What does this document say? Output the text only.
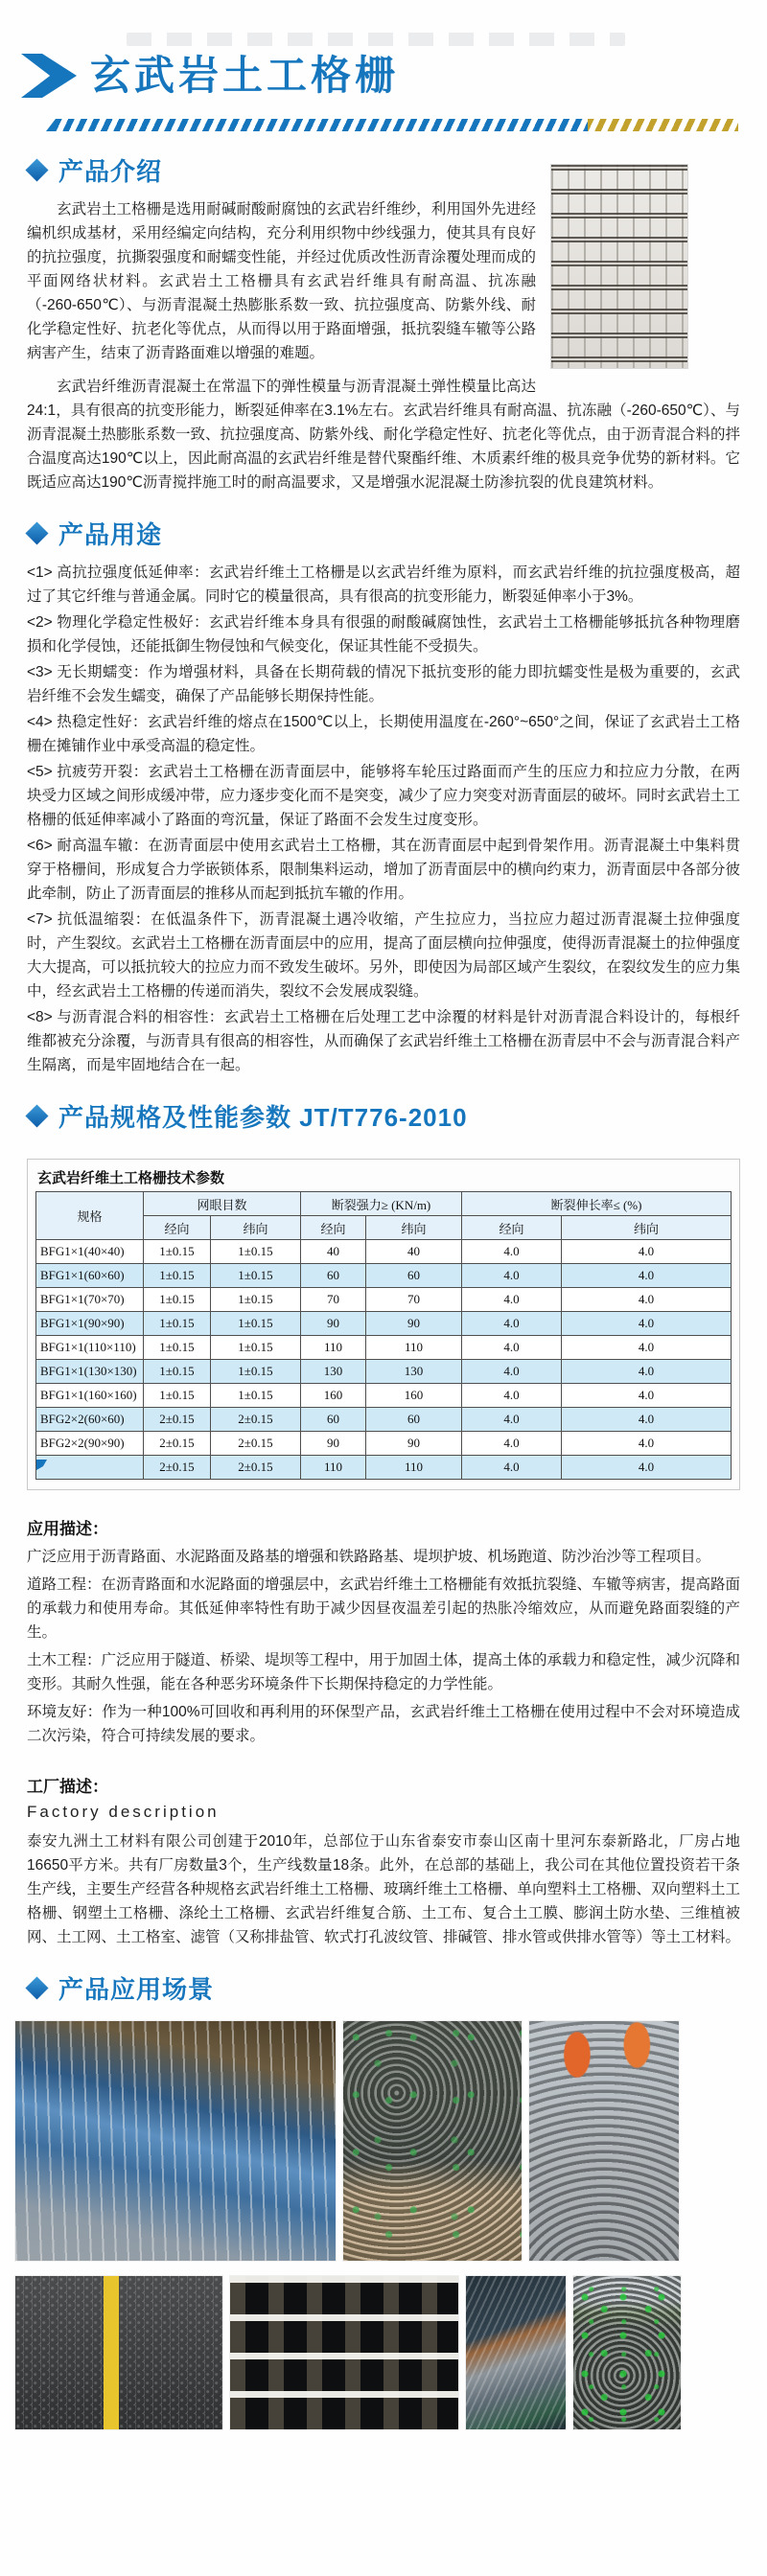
玄武岩土工格栅
产品介绍

玄武岩土工格栅是选用耐碱耐酸耐腐蚀的玄武岩纤维纱，利用国外先进经编机织成基材，采用经编定向结构，充分利用织物中纱线强力，使其具有良好的抗拉强度，抗撕裂强度和耐蠕变性能，并经过优质改性沥青涂覆处理而成的平面网络状材料。玄武岩土工格栅具有玄武岩纤维具有耐高温、抗冻融（-260-650℃）、与沥青混凝土热膨胀系数一致、抗拉强度高、防紫外线、耐化学稳定性好、抗老化等优点，从而得以用于路面增强，抵抗裂缝车辙等公路病害产生，结束了沥青路面难以增强的难题。

玄武岩纤维沥青混凝土在常温下的弹性模量与沥青混凝土弹性模量比高达24:1，具有很高的抗变形能力，断裂延伸率在3.1%左右。玄武岩纤维具有耐高温、抗冻融（-260-650℃）、与沥青混凝土热膨胀系数一致、抗拉强度高、防紫外线、耐化学稳定性好、抗老化等优点，由于沥青混合料的拌合温度高达190℃以上，因此耐高温的玄武岩纤维是替代聚酯纤维、木质素纤维的极具竞争优势的新材料。它既适应高达190℃沥青搅拌施工时的耐高温要求，又是增强水泥混凝土防渗抗裂的优良建筑材料。

产品用途

<1> 高抗拉强度低延伸率：玄武岩纤维土工格栅是以玄武岩纤维为原料，而玄武岩纤维的抗拉强度极高，超过了其它纤维与普通金属。同时它的模量很高，具有很高的抗变形能力，断裂延伸率小于3%。

<2> 物理化学稳定性极好：玄武岩纤维本身具有很强的耐酸碱腐蚀性，玄武岩土工格栅能够抵抗各种物理磨损和化学侵蚀，还能抵御生物侵蚀和气候变化，保证其性能不受损失。

<3> 无长期蠕变：作为增强材料，具备在长期荷载的情况下抵抗变形的能力即抗蠕变性是极为重要的，玄武岩纤维不会发生蠕变，确保了产品能够长期保持性能。

<4> 热稳定性好：玄武岩纤维的熔点在1500℃以上，长期使用温度在-260°~650°之间，保证了玄武岩土工格栅在摊铺作业中承受高温的稳定性。

<5> 抗疲劳开裂：玄武岩土工格栅在沥青面层中，能够将车轮压过路面而产生的压应力和拉应力分散，在两块受力区域之间形成缓冲带，应力逐步变化而不是突变，减少了应力突变对沥青面层的破坏。同时玄武岩土工格栅的低延伸率减小了路面的弯沉量，保证了路面不会发生过度变形。

<6> 耐高温车辙：在沥青面层中使用玄武岩土工格栅，其在沥青面层中起到骨架作用。沥青混凝土中集料贯穿于格栅间，形成复合力学嵌锁体系，限制集料运动，增加了沥青面层中的横向约束力，沥青面层中各部分彼此牵制，防止了沥青面层的推移从而起到抵抗车辙的作用。

<7> 抗低温缩裂：在低温条件下，沥青混凝土遇冷收缩，产生拉应力，当拉应力超过沥青混凝土拉伸强度时，产生裂纹。玄武岩土工格栅在沥青面层中的应用，提高了面层横向拉伸强度，使得沥青混凝土的拉伸强度大大提高，可以抵抗较大的拉应力而不致发生破坏。另外，即使因为局部区域产生裂纹，在裂纹发生的应力集中，经玄武岩土工格栅的传递而消失，裂纹不会发展成裂缝。

<8> 与沥青混合料的相容性：玄武岩土工格栅在后处理工艺中涂覆的材料是针对沥青混合料设计的，每根纤维都被充分涂覆，与沥青具有很高的相容性，从而确保了玄武岩纤维土工格栅在沥青层中不会与沥青混合料产生隔离，而是牢固地结合在一起。

产品规格及性能参数 JT/T776-2010
玄武岩纤维土工格栅技术参数
规格	网眼目数		断裂强力≥ (KN/m)		断裂伸长率≤ (%)	
	经向	纬向	经向	纬向	经向	纬向
BFG1×1(40×40)	1±0.15	1±0.15	40	40	4.0	4.0
BFG1×1(60×60)	1±0.15	1±0.15	60	60	4.0	4.0
BFG1×1(70×70)	1±0.15	1±0.15	70	70	4.0	4.0
BFG1×1(90×90)	1±0.15	1±0.15	90	90	4.0	4.0
BFG1×1(110×110)	1±0.15	1±0.15	110	110	4.0	4.0
BFG1×1(130×130)	1±0.15	1±0.15	130	130	4.0	4.0
BFG1×1(160×160)	1±0.15	1±0.15	160	160	4.0	4.0
BFG2×2(60×60)	2±0.15	2±0.15	60	60	4.0	4.0
BFG2×2(90×90)	2±0.15	2±0.15	90	90	4.0	4.0
	2±0.15	2±0.15	110	110	4.0	4.0
应用描述：

广泛应用于沥青路面、水泥路面及路基的增强和铁路路基、堤坝护坡、机场跑道、防沙治沙等工程项目。

道路工程：在沥青路面和水泥路面的增强层中，玄武岩纤维土工格栅能有效抵抗裂缝、车辙等病害，提高路面的承载力和使用寿命。其低延伸率特性有助于减少因昼夜温差引起的热胀冷缩效应，从而避免路面裂缝的产生。

土木工程：广泛应用于隧道、桥梁、堤坝等工程中，用于加固土体，提高土体的承载力和稳定性，减少沉降和变形。其耐久性强，能在各种恶劣环境条件下长期保持稳定的力学性能。

环境友好：作为一种100%可回收和再利用的环保型产品，玄武岩纤维土工格栅在使用过程中不会对环境造成二次污染，符合可持续发展的要求。

工厂描述：
Factory description

泰安九洲土工材料有限公司创建于2010年，总部位于山东省泰安市泰山区南十里河东泰新路北，厂房占地16650平方米。共有厂房数量3个，生产线数量18条。此外，在总部的基础上，我公司在其他位置投资若干条生产线，主要生产经营各种规格玄武岩纤维土工格栅、玻璃纤维土工格栅、单向塑料土工格栅、双向塑料土工格栅、钢塑土工格栅、涤纶土工格栅、玄武岩纤维复合筋、土工布、复合土工膜、膨润土防水垫、三维植被网、土工网、土工格室、滤管（又称排盐管、软式打孔波纹管、排碱管、排水管或供排水管等）等土工材料。

产品应用场景
